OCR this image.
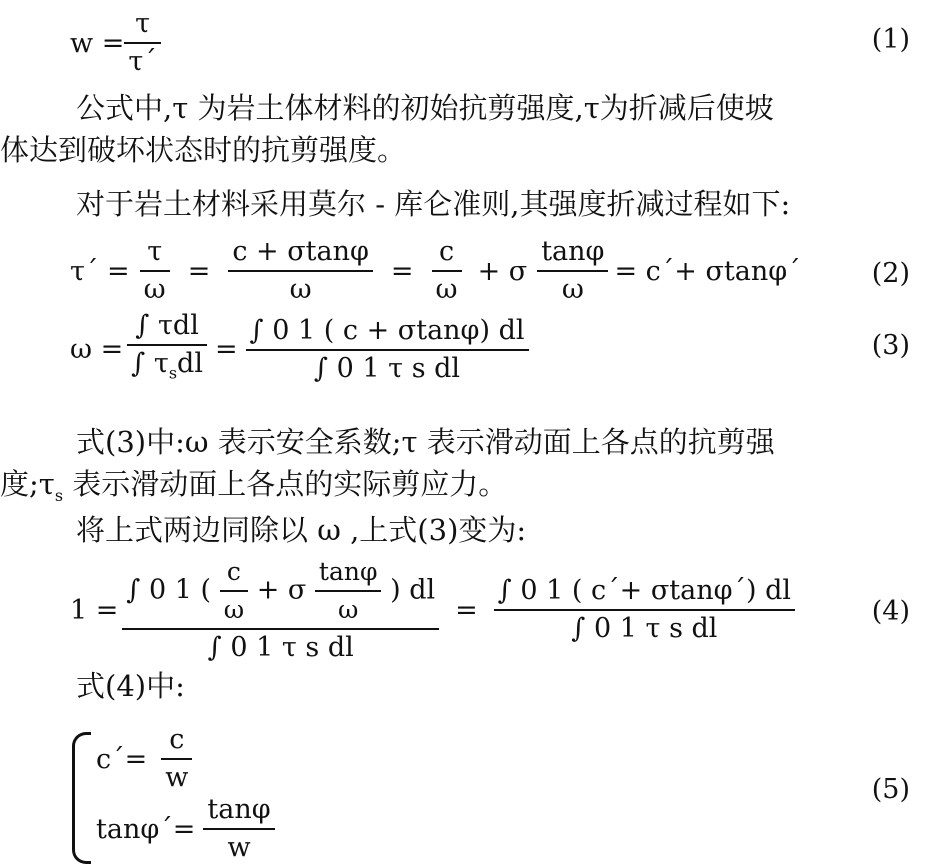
$w = \frac{\tau}{\tau´}$	(1)
公式中,τ 为岩土体材料的初始抗剪强度,τ为折减后使坡
体达到破坏状态时的抗剪强度。
对于岩土材料采用莫尔 - 库仑准则,其强度折减过程如下:
τ´ = $\frac{\tau}{\omega} = \frac{c + \sigma\tan\varphi}{\omega} = \frac{c}{\omega} + \sigma \frac{\tan\varphi}{\omega}$ = c´+ σtanφ´	(2)
$\omega = \frac{\text{∫ τdl}}{\int \tau_sdl} = \frac{\int 0 1 ( c + \sigma\tan\varphi) dl}{\text{∫ 0 1 τ s dl}}$	(3)
式(3)中:ω 表示安全系数;τ 表示滑动面上各点的抗剪强
度$;\tau_s$ 表示滑动面上各点的实际剪应力。
将上式两边同除以 ω ,上式(3)变为:
1 =
∫ 0 1 ( $\frac{c}{\omega} + \sigma \frac{\tan\varphi}{\omega}$ ) dl
∫ 0 1 τ s dl
= $\frac{\int 0 1 ( c´+ \sigma\tan\varphi´) dl}{\text{∫ 0 1 τ s dl}}$	(4)
式(4)中:
c´= $\frac{c}{w}$
tanφ´= $\frac{\tan\varphi}{w}$
(5)
